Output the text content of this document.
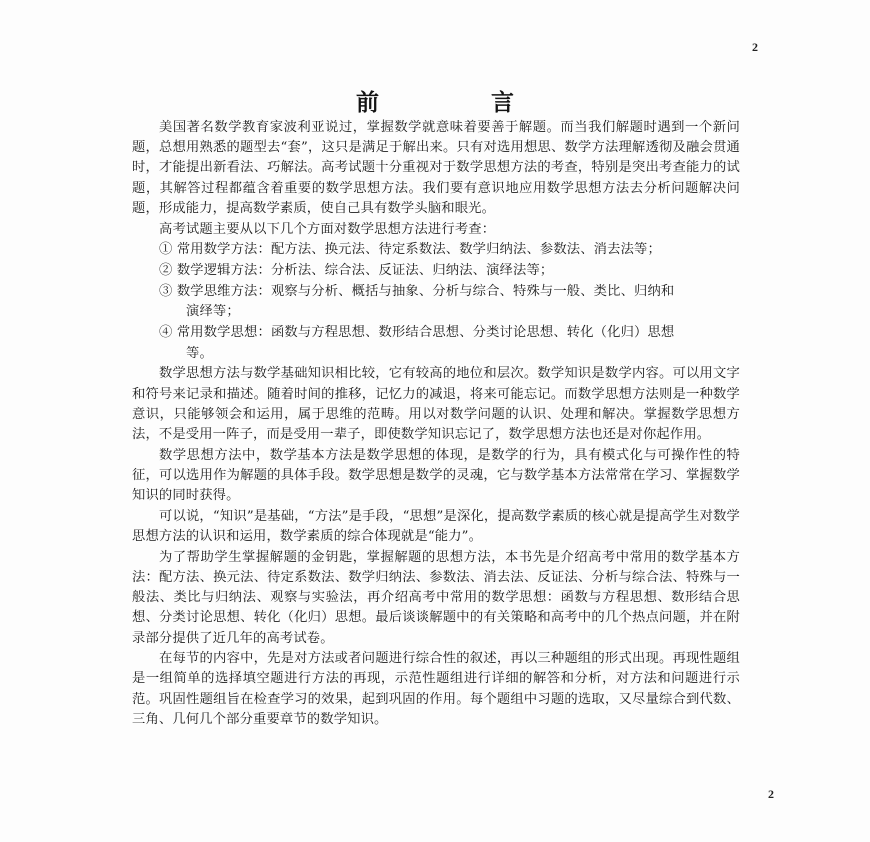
2
前　　言

美国著名数学教育家波利亚说过，掌握数学就意味着要善于解题。而当我们解题时遇到一个新问题，总想用熟悉的题型去“套”，这只是满足于解出来。只有对选用想思、数学方法理解透彻及融会贯通时，才能提出新看法、巧解法。高考试题十分重视对于数学思想方法的考查，特别是突出考查能力的试题，其解答过程都蕴含着重要的数学思想方法。我们要有意识地应用数学思想方法去分析问题解决问题，形成能力，提高数学素质，使自己具有数学头脑和眼光。

高考试题主要从以下几个方面对数学思想方法进行考查：

① 常用数学方法：配方法、换元法、待定系数法、数学归纳法、参数法、消去法等；

② 数学逻辑方法：分析法、综合法、反证法、归纳法、演绎法等；

③ 数学思维方法：观察与分析、概括与抽象、分析与综合、特殊与一般、类比、归纳和

演绎等；

④ 常用数学思想：函数与方程思想、数形结合思想、分类讨论思想、转化（化归）思想

等。

数学思想方法与数学基础知识相比较，它有较高的地位和层次。数学知识是数学内容。可以用文字和符号来记录和描述。随着时间的推移，记忆力的减退，将来可能忘记。而数学思想方法则是一种数学意识，只能够领会和运用，属于思维的范畴。用以对数学问题的认识、处理和解决。掌握数学思想方法，不是受用一阵子，而是受用一辈子，即使数学知识忘记了，数学思想方法也还是对你起作用。

数学思想方法中，数学基本方法是数学思想的体现，是数学的行为，具有模式化与可操作性的特征，可以选用作为解题的具体手段。数学思想是数学的灵魂，它与数学基本方法常常在学习、掌握数学知识的同时获得。

可以说，“知识”是基础，“方法”是手段，“思想”是深化，提高数学素质的核心就是提高学生对数学思想方法的认识和运用，数学素质的综合体现就是“能力”。

为了帮助学生掌握解题的金钥匙，掌握解题的思想方法，本书先是介绍高考中常用的数学基本方法：配方法、换元法、待定系数法、数学归纳法、参数法、消去法、反证法、分析与综合法、特殊与一般法、类比与归纳法、观察与实验法，再介绍高考中常用的数学思想：函数与方程思想、数形结合思想、分类讨论思想、转化（化归）思想。最后谈谈解题中的有关策略和高考中的几个热点问题，并在附录部分提供了近几年的高考试卷。

在每节的内容中，先是对方法或者问题进行综合性的叙述，再以三种题组的形式出现。再现性题组是一组简单的选择填空题进行方法的再现，示范性题组进行详细的解答和分析，对方法和问题进行示范。巩固性题组旨在检查学习的效果，起到巩固的作用。每个题组中习题的选取，又尽量综合到代数、三角、几何几个部分重要章节的数学知识。

2
